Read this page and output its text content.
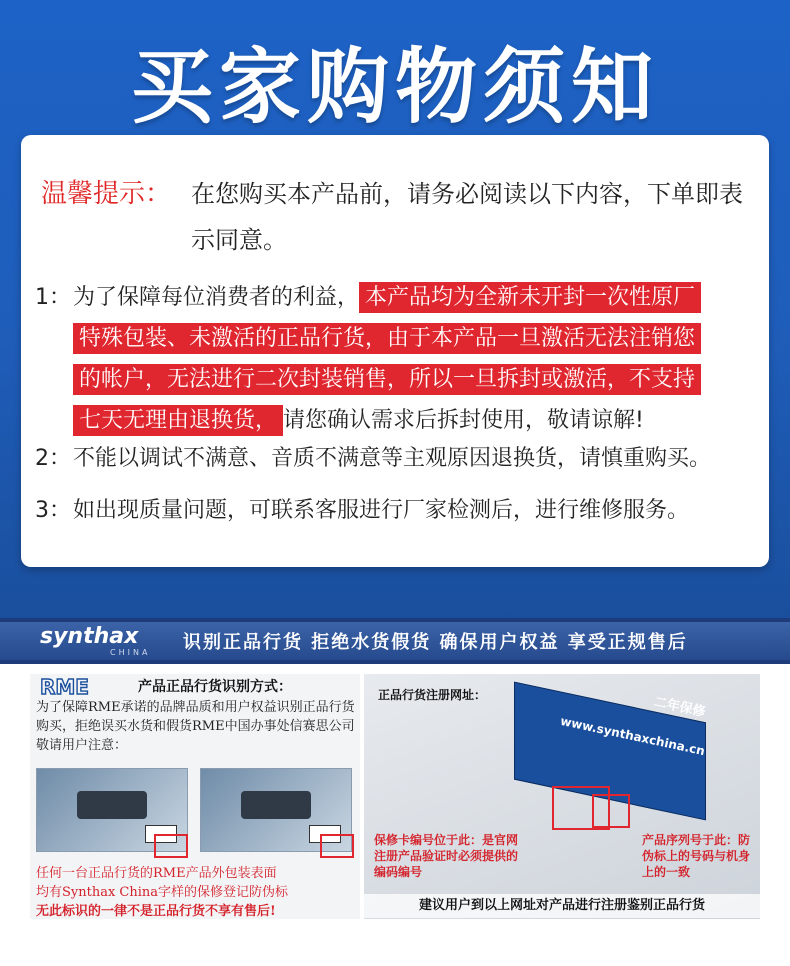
买家购物须知
温馨提示： 在您购买本产品前，请务必阅读以下内容，下单即表示同意。
1：为了保障每位消费者的利益， 本产品均为全新未开封一次性原厂
特殊包装、未激活的正品行货，由于本产品一旦激活无法注销您
的帐户，无法进行二次封装销售，所以一旦拆封或激活，不支持
七天无理由退换货， 请您确认需求后拆封使用，敬请谅解!
2：不能以调试不满意、音质不满意等主观原因退换货，请慎重购买。
3：如出现质量问题，可联系客服进行厂家检测后，进行维修服务。
synthax
CHINA 识别正品行货 拒绝水货假货 确保用户权益 享受正规售后
RME	产品正品行货识别方式：
为了保障RME承诺的品牌品质和用户权益识别正品行货购买，拒绝误买水货和假货RME中国办事处信赛思公司敬请用户注意：
任何一台正品行货的RME产品外包装表面
均有Synthax China字样的保修登记防伪标
无此标识的一律不是正品行货不享有售后!
正品行货注册网址：
www.synthaxchina.cn
二年保修
保修卡编号位于此：是官网注册产品验证时必须提供的编码编号
产品序列号于此：防伪标上的号码与机身上的一致
建议用户到以上网址对产品进行注册鉴别正品行货
